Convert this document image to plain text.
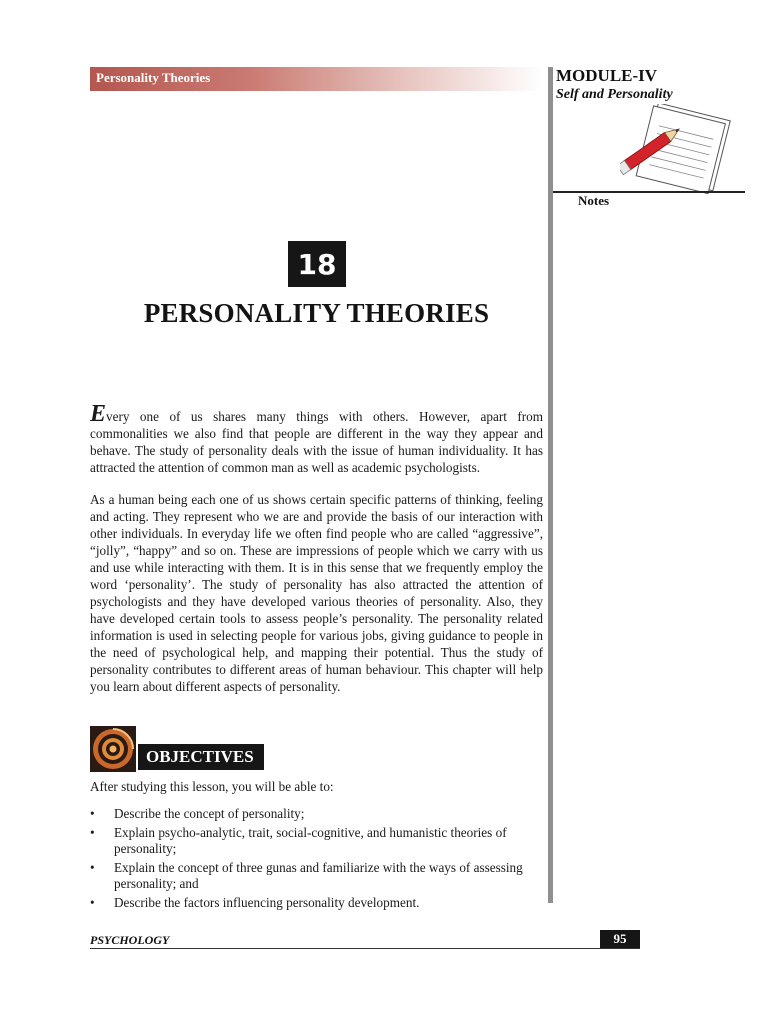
Personality Theories	MODULE-IV
Self and Personality
Notes
18
PERSONALITY THEORIES
Every one of us shares many things with others. However, apart from commonalities we also find that people are different in the way they appear and behave. The study of personality deals with the issue of human individuality. It has attracted the attention of common man as well as academic psychologists.
As a human being each one of us shows certain specific patterns of thinking, feeling and acting. They represent who we are and provide the basis of our interaction with other individuals. In everyday life we often find people who are called “aggressive”, “jolly”, “happy” and so on. These are impressions of people which we carry with us and use while interacting with them. It is in this sense that we frequently employ the word ‘personality’. The study of personality has also attracted the attention of psychologists and they have developed various theories of personality. Also, they have developed certain tools to assess people’s personality. The personality related information is used in selecting people for various jobs, giving guidance to people in the need of psychological help, and mapping their potential. Thus the study of personality contributes to different areas of human behaviour. This chapter will help you learn about different aspects of personality.
OBJECTIVES
After studying this lesson, you will be able to:
• Describe the concept of personality;
• Explain psycho-analytic, trait, social-cognitive, and humanistic theories of personality;
• Explain the concept of three gunas and familiarize with the ways of assessing personality; and
• Describe the factors influencing personality development.
PSYCHOLOGY	95
